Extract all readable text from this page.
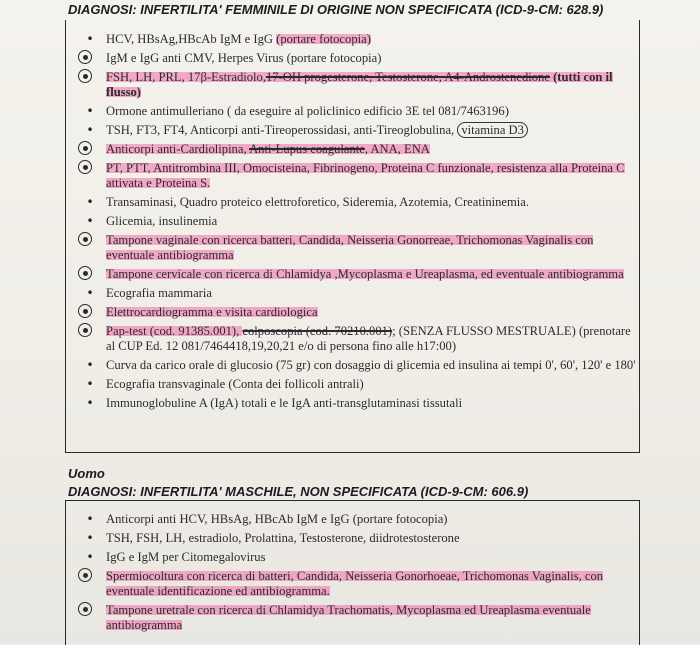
DIAGNOSI: INFERTILITA' FEMMINILE DI ORIGINE NON SPECIFICATA (ICD-9-CM: 628.9)
• HCV, HBsAg,HBcAb IgM e IgG (portare fotocopia)
IgM e IgG anti CMV, Herpes Virus (portare fotocopia)
FSH, LH, PRL, 17β-Estradiolo,17-OH progesterone, Testosterone, A4-Androstenedione (tutti con il flusso)
• Ormone antimulleriano ( da eseguire al policlinico edificio 3E tel 081/7463196)
• TSH, FT3, FT4, Anticorpi anti-Tireoperossidasi, anti-Tireoglobulina, vitamina D3
Anticorpi anti-Cardiolipina, Anti-Lupus coagulante, ANA, ENA
PT, PTT, Antitrombina III, Omocisteina, Fibrinogeno, Proteina C funzionale, resistenza alla Proteina C attivata e Proteina S.
• Transaminasi, Quadro proteico elettroforetico, Sideremia, Azotemia, Creatininemia.
• Glicemia, insulinemia
Tampone vaginale con ricerca batteri, Candida, Neisseria Gonorreae, Trichomonas Vaginalis con eventuale antibiogramma
Tampone cervicale con ricerca di Chlamidya ,Mycoplasma e Ureaplasma, ed eventuale antibiogramma
• Ecografia mammaria
Elettrocardiogramma e visita cardiologica
Pap-test (cod. 91385.001), colposcopia (cod. 70210.001); (SENZA FLUSSO MESTRUALE) (prenotare al CUP Ed. 12 081/7464418,19,20,21 e/o di persona fino alle h17:00)
• Curva da carico orale di glucosio (75 gr) con dosaggio di glicemia ed insulina ai tempi 0', 60', 120' e 180'
• Ecografia transvaginale (Conta dei follicoli antrali)
• Immunoglobuline A (IgA) totali e le IgA anti-transglutaminasi tissutali
Uomo
DIAGNOSI: INFERTILITA' MASCHILE, NON SPECIFICATA (ICD-9-CM: 606.9)
• Anticorpi anti HCV, HBsAg, HBcAb IgM e IgG (portare fotocopia)
• TSH, FSH, LH, estradiolo, Prolattina, Testosterone, diidrotestosterone
• IgG e IgM per Citomegalovirus
Spermiocoltura con ricerca di batteri, Candida, Neisseria Gonorhoeae, Trichomonas Vaginalis, con eventuale identificazione ed antibiogramma.
Tampone uretrale con ricerca di Chlamidya Trachomatis, Mycoplasma ed Ureaplasma eventuale antibiogramma
